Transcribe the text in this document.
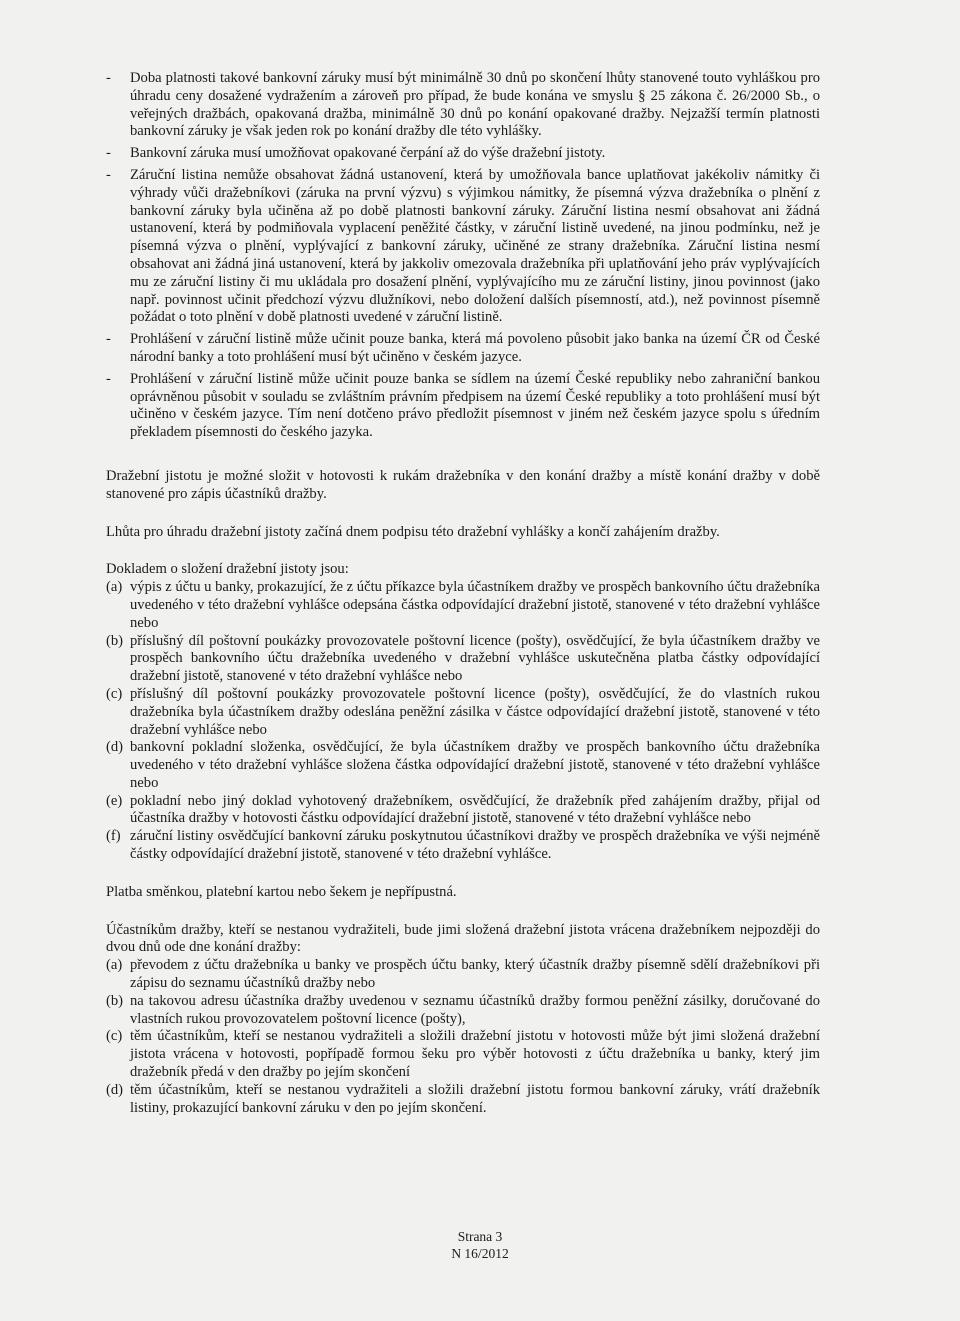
- Doba platnosti takové bankovní záruky musí být minimálně 30 dnů po skončení lhůty stanovené touto vyhláškou pro úhradu ceny dosažené vydražením a zároveň pro případ, že bude konána ve smyslu § 25 zákona č. 26/2000 Sb., o veřejných dražbách, opakovaná dražba, minimálně 30 dnů po konání opakované dražby. Nejzažší termín platnosti bankovní záruky je však jeden rok po konání dražby dle této vyhlášky.
- Bankovní záruka musí umožňovat opakované čerpání až do výše dražební jistoty.
- Záruční listina nemůže obsahovat žádná ustanovení, která by umožňovala bance uplatňovat jakékoliv námitky či výhrady vůči dražebníkovi (záruka na první výzvu) s výjimkou námitky, že písemná výzva dražebníka o plnění z bankovní záruky byla učiněna až po době platnosti bankovní záruky. Záruční listina nesmí obsahovat ani žádná ustanovení, která by podmiňovala vyplacení peněžité částky, v záruční listině uvedené, na jinou podmínku, než je písemná výzva o plnění, vyplývající z bankovní záruky, učiněné ze strany dražebníka. Záruční listina nesmí obsahovat ani žádná jiná ustanovení, která by jakkoliv omezovala dražebníka při uplatňování jeho práv vyplývajících mu ze záruční listiny či mu ukládala pro dosažení plnění, vyplývajícího mu ze záruční listiny, jinou povinnost (jako např. povinnost učinit předchozí výzvu dlužníkovi, nebo doložení dalších písemností, atd.), než povinnost písemně požádat o toto plnění v době platnosti uvedené v záruční listině.
- Prohlášení v záruční listině může učinit pouze banka, která má povoleno působit jako banka na území ČR od České národní banky a toto prohlášení musí být učiněno v českém jazyce.
- Prohlášení v záruční listině může učinit pouze banka se sídlem na území České republiky nebo zahraniční bankou oprávněnou působit v souladu se zvláštním právním předpisem na území České republiky a toto prohlášení musí být učiněno v českém jazyce. Tím není dotčeno právo předložit písemnost v jiném než českém jazyce spolu s úředním překladem písemnosti do českého jazyka.

Dražební jistotu je možné složit v hotovosti k rukám dražebníka v den konání dražby a místě konání dražby v době stanovené pro zápis účastníků dražby.

Lhůta pro úhradu dražební jistoty začíná dnem podpisu této dražební vyhlášky a končí zahájením dražby.

Dokladem o složení dražební jistoty jsou:

(a) výpis z účtu u banky, prokazující, že z účtu příkazce byla účastníkem dražby ve prospěch bankovního účtu dražebníka uvedeného v této dražební vyhlášce odepsána částka odpovídající dražební jistotě, stanovené v této dražební vyhlášce nebo
(b) příslušný díl poštovní poukázky provozovatele poštovní licence (pošty), osvědčující, že byla účastníkem dražby ve prospěch bankovního účtu dražebníka uvedeného v dražební vyhlášce uskutečněna platba částky odpovídající dražební jistotě, stanovené v této dražební vyhlášce nebo
(c) příslušný díl poštovní poukázky provozovatele poštovní licence (pošty), osvědčující, že do vlastních rukou dražebníka byla účastníkem dražby odeslána peněžní zásilka v částce odpovídající dražební jistotě, stanovené v této dražební vyhlášce nebo
(d) bankovní pokladní složenka, osvědčující, že byla účastníkem dražby ve prospěch bankovního účtu dražebníka uvedeného v této dražební vyhlášce složena částka odpovídající dražební jistotě, stanovené v této dražební vyhlášce nebo
(e) pokladní nebo jiný doklad vyhotovený dražebníkem, osvědčující, že dražebník před zahájením dražby, přijal od účastníka dražby v hotovosti částku odpovídající dražební jistotě, stanovené v této dražební vyhlášce nebo
(f) záruční listiny osvědčující bankovní záruku poskytnutou účastníkovi dražby ve prospěch dražebníka ve výši nejméně částky odpovídající dražební jistotě, stanovené v této dražební vyhlášce.

Platba směnkou, platební kartou nebo šekem je nepřípustná.

Účastníkům dražby, kteří se nestanou vydražiteli, bude jimi složená dražební jistota vrácena dražebníkem nejpozději do dvou dnů ode dne konání dražby:

(a) převodem z účtu dražebníka u banky ve prospěch účtu banky, který účastník dražby písemně sdělí dražebníkovi při zápisu do seznamu účastníků dražby nebo
(b) na takovou adresu účastníka dražby uvedenou v seznamu účastníků dražby formou peněžní zásilky, doručované do vlastních rukou provozovatelem poštovní licence (pošty),
(c) těm účastníkům, kteří se nestanou vydražiteli a složili dražební jistotu v hotovosti může být jimi složená dražební jistota vrácena v hotovosti, popřípadě formou šeku pro výběr hotovosti z účtu dražebníka u banky, který jim dražebník předá v den dražby po jejím skončení
(d) těm účastníkům, kteří se nestanou vydražiteli a složili dražební jistotu formou bankovní záruky, vrátí dražebník listiny, prokazující bankovní záruku v den po jejím skončení.
Strana 3
N 16/2012
